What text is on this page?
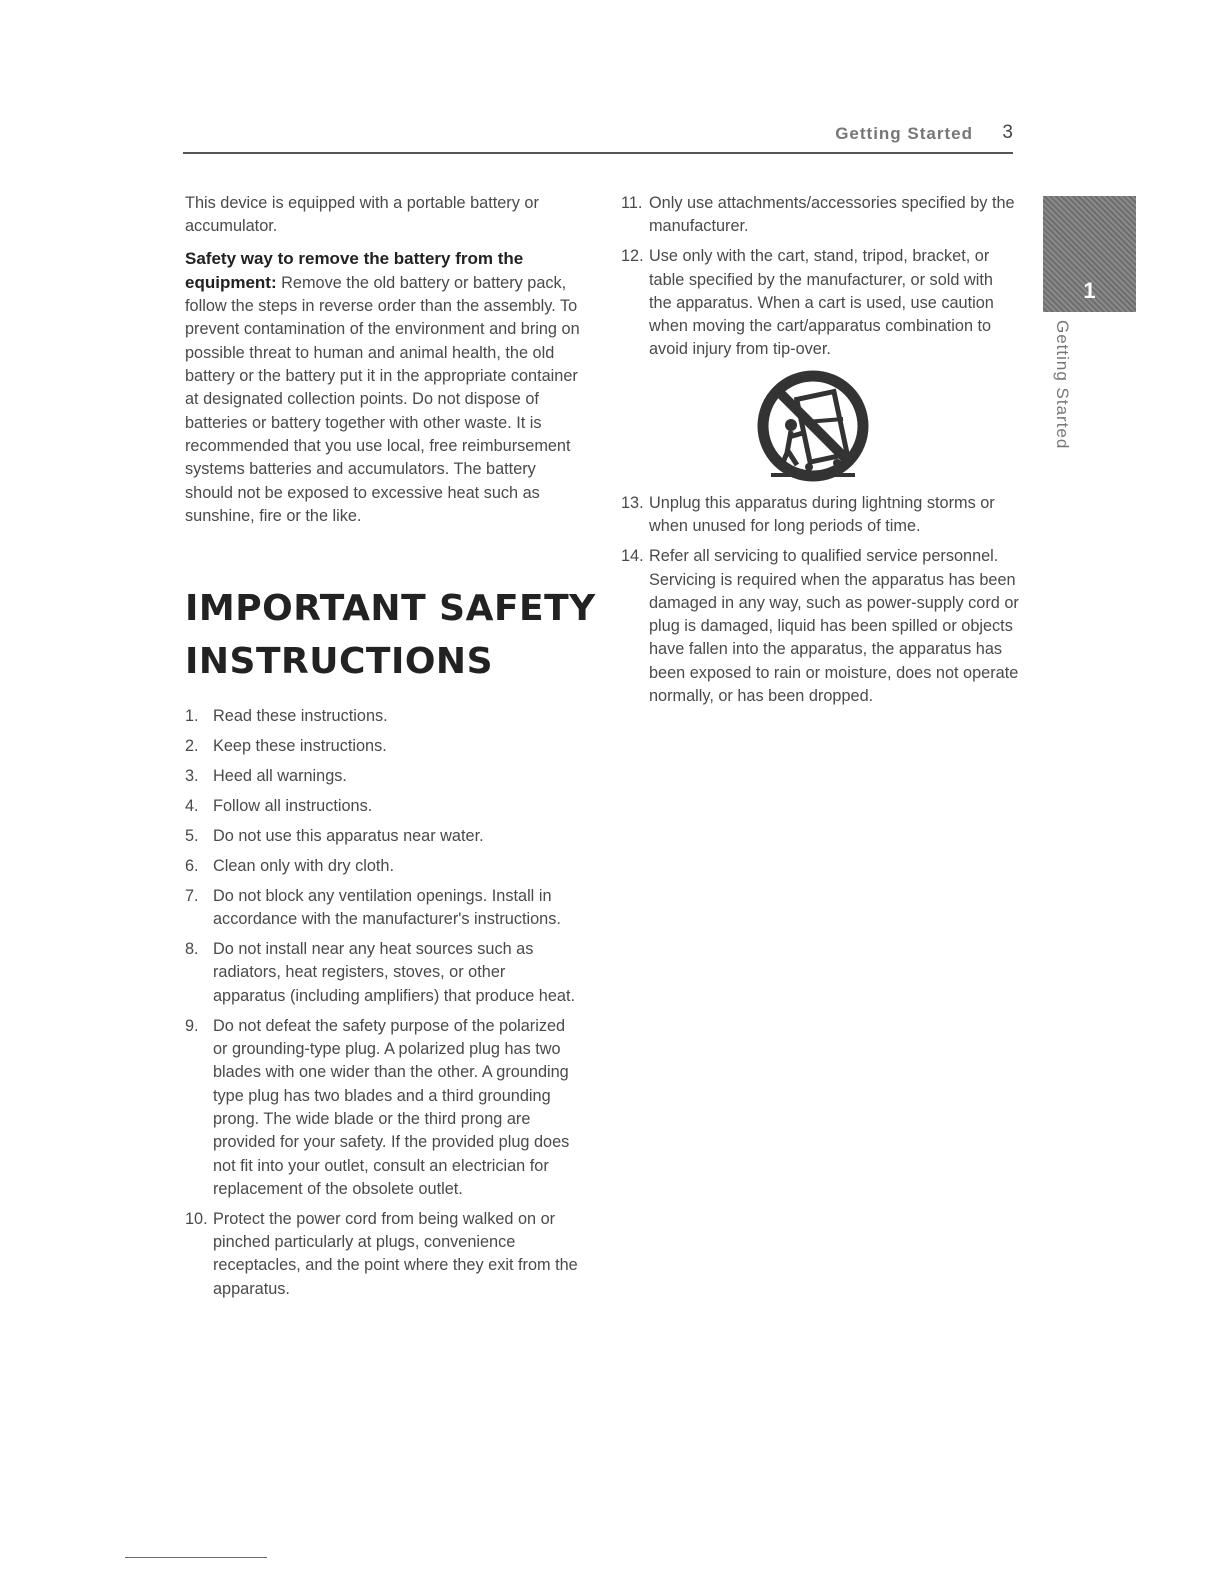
Getting Started 3
1
Getting Started

This device is equipped with a portable battery or accumulator.

Safety way to remove the battery from the equipment: Remove the old battery or battery pack, follow the steps in reverse order than the assembly. To prevent contamination of the environment and bring on possible threat to human and animal health, the old battery or the battery put it in the appropriate container at designated collection points. Do not dispose of batteries or battery together with other waste. It is recommended that you use local, free reimbursement systems batteries and accumulators. The battery should not be exposed to excessive heat such as sunshine, fire or the like.

IMPORTANT SAFETY
INSTRUCTIONS
1. Read these instructions.
2. Keep these instructions.
3. Heed all warnings.
4. Follow all instructions.
5. Do not use this apparatus near water.
6. Clean only with dry cloth.
7. Do not block any ventilation openings. Install in accordance with the manufacturer's instructions.
8. Do not install near any heat sources such as radiators, heat registers, stoves, or other apparatus (including amplifiers) that produce heat.
9. Do not defeat the safety purpose of the polarized or grounding-type plug. A polarized plug has two blades with one wider than the other. A grounding type plug has two blades and a third grounding prong. The wide blade or the third prong are provided for your safety. If the provided plug does not fit into your outlet, consult an electrician for replacement of the obsolete outlet.
10. Protect the power cord from being walked on or pinched particularly at plugs, convenience receptacles, and the point where they exit from the apparatus.
11. Only use attachments/accessories specified by the manufacturer.
12. Use only with the cart, stand, tripod, bracket, or table specified by the manufacturer, or sold with the apparatus. When a cart is used, use caution when moving the cart/apparatus combination to avoid injury from tip-over.
13. Unplug this apparatus during lightning storms or when unused for long periods of time.
14. Refer all servicing to qualified service personnel. Servicing is required when the apparatus has been damaged in any way, such as power-supply cord or plug is damaged, liquid has been spilled or objects have fallen into the apparatus, the apparatus has been exposed to rain or moisture, does not operate normally, or has been dropped.
